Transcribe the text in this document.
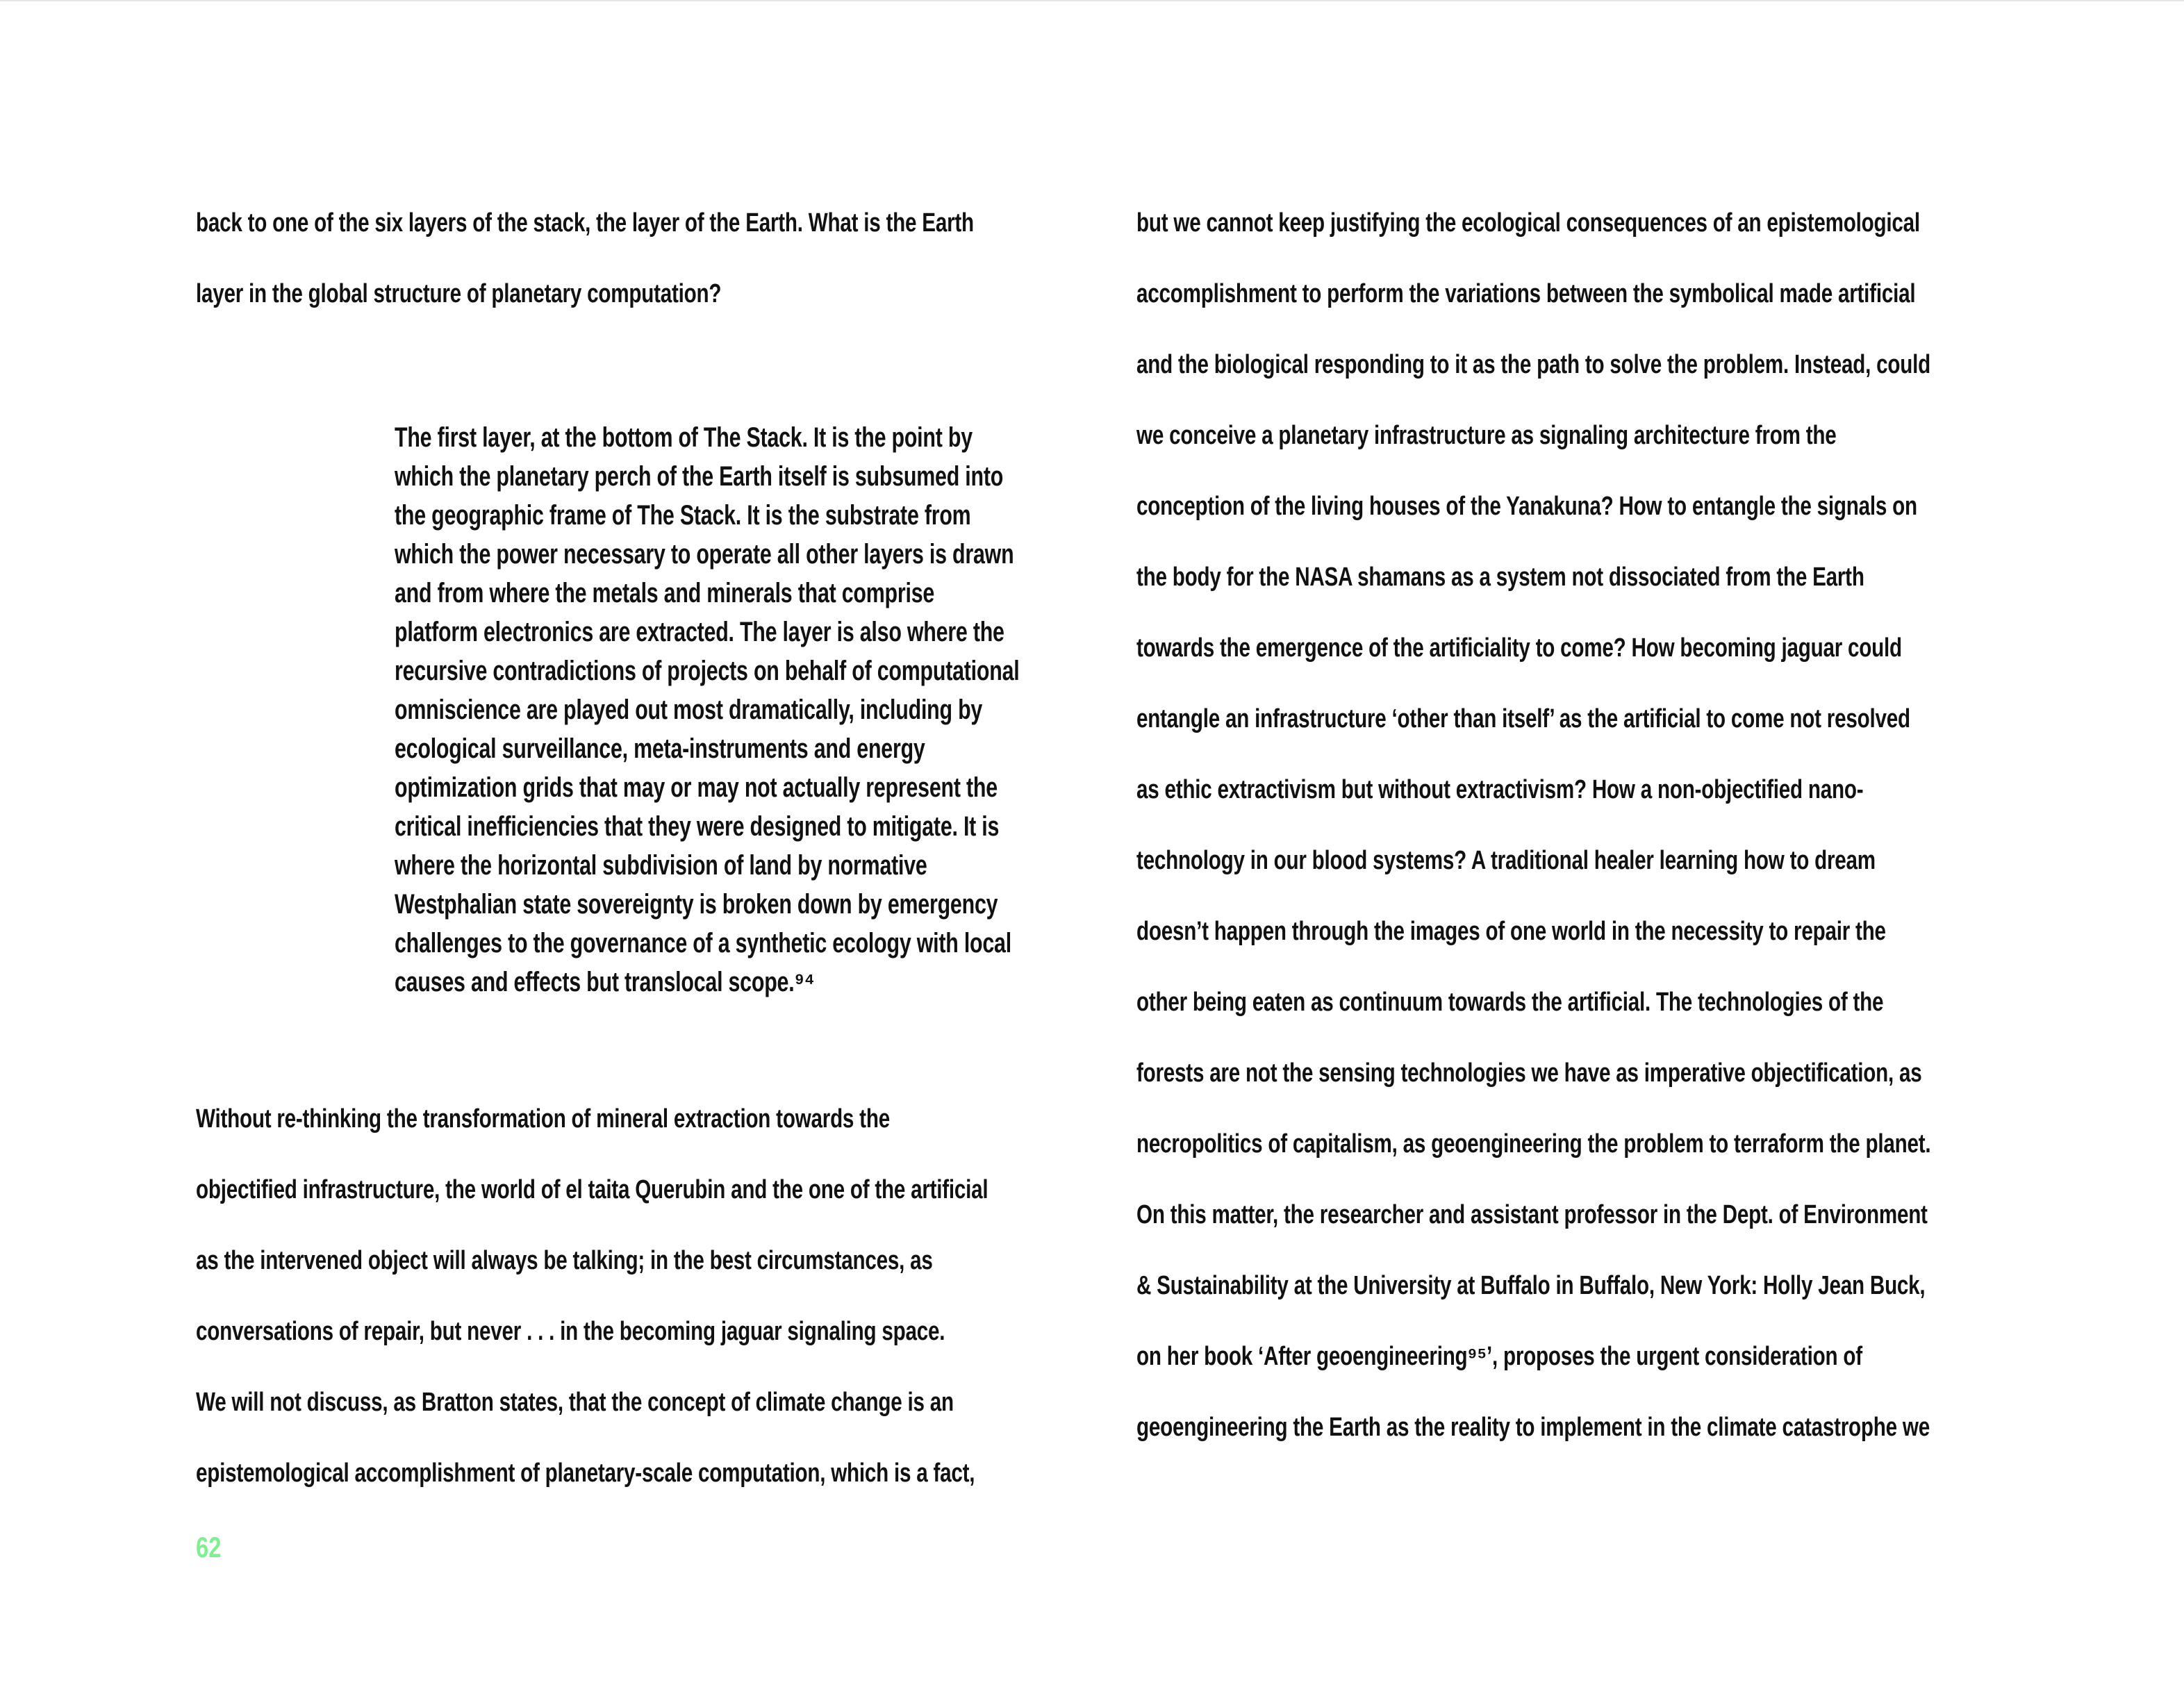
back to one of the six layers of the stack, the layer of the Earth. What is the Earth
layer in the global structure of planetary computation?
The first layer, at the bottom of The Stack. It is the point by
which the planetary perch of the Earth itself is subsumed into
the geographic frame of The Stack. It is the substrate from
which the power necessary to operate all other layers is drawn
and from where the metals and minerals that comprise
platform electronics are extracted. The layer is also where the
recursive contradictions of projects on behalf of computational
omniscience are played out most dramatically, including by
ecological surveillance, meta-instruments and energy
optimization grids that may or may not actually represent the
critical inefficiencies that they were designed to mitigate. It is
where the horizontal subdivision of land by normative
Westphalian state sovereignty is broken down by emergency
challenges to the governance of a synthetic ecology with local
causes and effects but translocal scope.⁹⁴
Without re-thinking the transformation of mineral extraction towards the
objectified infrastructure, the world of el taita Querubin and the one of the artificial
as the intervened object will always be talking; in the best circumstances, as
conversations of repair, but never . . . in the becoming jaguar signaling space.
We will not discuss, as Bratton states, that the concept of climate change is an
epistemological accomplishment of planetary-scale computation, which is a fact,
62
but we cannot keep justifying the ecological consequences of an epistemological
accomplishment to perform the variations between the symbolical made artificial
and the biological responding to it as the path to solve the problem. Instead, could
we conceive a planetary infrastructure as signaling architecture from the
conception of the living houses of the Yanakuna? How to entangle the signals on
the body for the NASA shamans as a system not dissociated from the Earth
towards the emergence of the artificiality to come? How becoming jaguar could
entangle an infrastructure ‘other than itself’ as the artificial to come not resolved
as ethic extractivism but without extractivism? How a non-objectified nano-
technology in our blood systems? A traditional healer learning how to dream
doesn’t happen through the images of one world in the necessity to repair the
other being eaten as continuum towards the artificial. The technologies of the
forests are not the sensing technologies we have as imperative objectification, as
necropolitics of capitalism, as geoengineering the problem to terraform the planet.
On this matter, the researcher and assistant professor in the Dept. of Environment
& Sustainability at the University at Buffalo in Buffalo, New York: Holly Jean Buck,
on her book ‘After geoengineering⁹⁵’, proposes the urgent consideration of
geoengineering the Earth as the reality to implement in the climate catastrophe we
